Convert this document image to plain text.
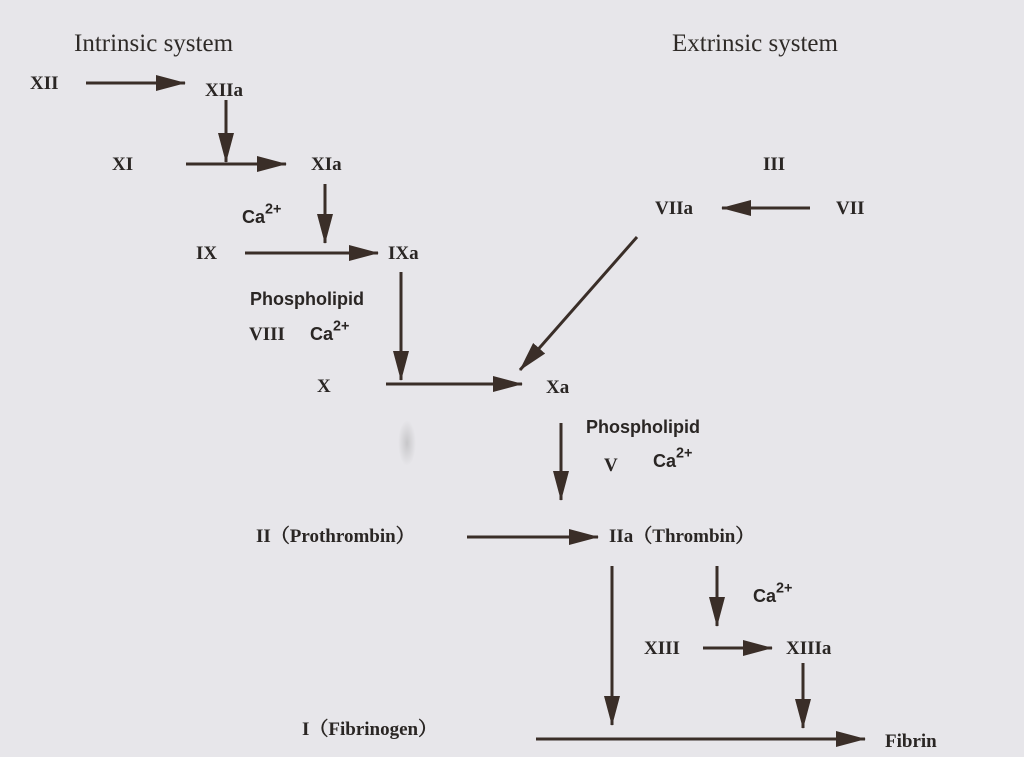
Intrinsic system	Extrinsic system
XII	XIIa
XI	XIa
IX	IXa
X	Xa
III
VII
VIIa
II（Prothrombin）	IIa（Thrombin）
XIII	XIIIa
I（Fibrinogen）
Fibrin
$Ca^{2+}$
Phospholipid
VIII $Ca^{2+}$
Phospholipid
V $Ca^{2+}$
$Ca^{2+}$
